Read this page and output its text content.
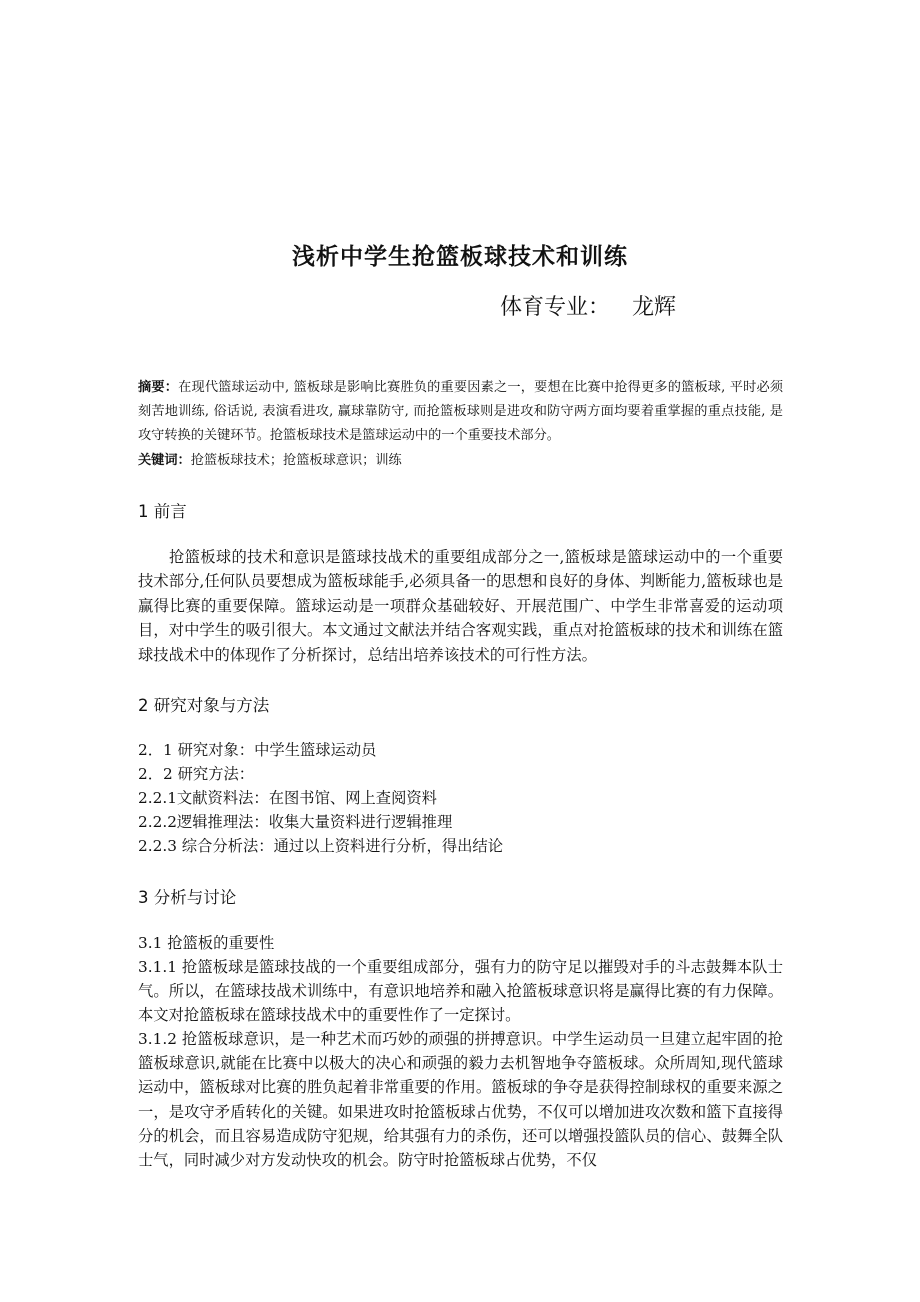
浅析中学生抢篮板球技术和训练
体育专业： 龙辉
摘要：在现代篮球运动中, 篮板球是影响比赛胜负的重要因素之一，要想在比赛中抢得更多的篮板球, 平时必须刻苦地训练, 俗话说, 表演看进攻, 赢球靠防守, 而抢篮板球则是进攻和防守两方面均要着重掌握的重点技能, 是攻守转换的关键环节。抢篮板球技术是篮球运动中的一个重要技术部分。
关键词：抢篮板球技术；抢篮板球意识；训练
1 前言
抢篮板球的技术和意识是篮球技战术的重要组成部分之一,篮板球是篮球运动中的一个重要技术部分,任何队员要想成为篮板球能手,必须具备一的思想和良好的身体、判断能力,篮板球也是赢得比赛的重要保障。篮球运动是一项群众基础较好、开展范围广、中学生非常喜爱的运动项目，对中学生的吸引很大。本文通过文献法并结合客观实践，重点对抢篮板球的技术和训练在篮球技战术中的体现作了分析探讨，总结出培养该技术的可行性方法。
2 研究对象与方法
2．1 研究对象：中学生篮球运动员
2．2 研究方法：
2.2.1文献资料法：在图书馆、网上查阅资料
2.2.2逻辑推理法：收集大量资料进行逻辑推理
2.2.3 综合分析法：通过以上资料进行分析，得出结论
3 分析与讨论
3.1 抢篮板的重要性
3.1.1 抢篮板球是篮球技战的一个重要组成部分，强有力的防守足以摧毁对手的斗志鼓舞本队士气。所以，在篮球技战术训练中，有意识地培养和融入抢篮板球意识将是赢得比赛的有力保障。本文对抢篮板球在篮球技战术中的重要性作了一定探讨。
3.1.2 抢篮板球意识，是一种艺术而巧妙的顽强的拼搏意识。中学生运动员一旦建立起牢固的抢篮板球意识,就能在比赛中以极大的决心和顽强的毅力去机智地争夺篮板球。众所周知,现代篮球运动中，篮板球对比赛的胜负起着非常重要的作用。篮板球的争夺是获得控制球权的重要来源之一，是攻守矛盾转化的关键。如果进攻时抢篮板球占优势，不仅可以增加进攻次数和篮下直接得分的机会，而且容易造成防守犯规，给其强有力的杀伤，还可以增强投篮队员的信心、鼓舞全队士气，同时减少对方发动快攻的机会。防守时抢篮板球占优势，不仅
